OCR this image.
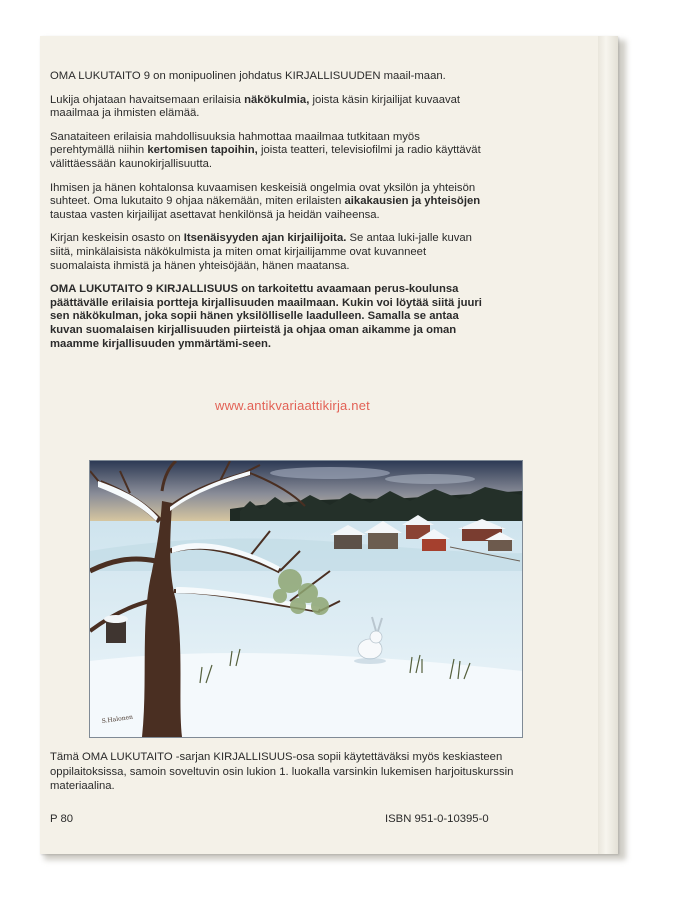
OMA LUKUTAITO 9 on monipuolinen johdatus KIRJALLISUUDEN maail-maan.

Lukija ohjataan havaitsemaan erilaisia näkökulmia, joista käsin kirjailijat kuvaavat maailmaa ja ihmisten elämää.

Sanataiteen erilaisia mahdollisuuksia hahmottaa maailmaa tutkitaan myös perehtymällä niihin kertomisen tapoihin, joista teatteri, televisiofilmi ja radio käyttävät välittäessään kaunokirjallisuutta.

Ihmisen ja hänen kohtalonsa kuvaamisen keskeisiä ongelmia ovat yksilön ja yhteisön suhteet. Oma lukutaito 9 ohjaa näkemään, miten erilaisten aikakausien ja yhteisöjen taustaa vasten kirjailijat asettavat henkilönsä ja heidän vaiheensa.

Kirjan keskeisin osasto on Itsenäisyyden ajan kirjailijoita. Se antaa luki-jalle kuvan siitä, minkälaisista näkökulmista ja miten omat kirjailijamme ovat kuvanneet suomalaista ihmistä ja hänen yhteisöjään, hänen maatansa.

OMA LUKUTAITO 9 KIRJALLISUUS on tarkoitettu avaamaan perus-koulunsa päättävälle erilaisia portteja kirjallisuuden maailmaan. Kukin voi löytää siitä juuri sen näkökulman, joka sopii hänen yksilölliselle laadulleen. Samalla se antaa kuvan suomalaisen kirjallisuuden piirteistä ja ohjaa oman aikamme ja oman maamme kirjallisuuden ymmärtämi-seen.

www.antikvariaattikirja.net
S.Halonen
Tämä OMA LUKUTAITO -sarjan KIRJALLISUUS-osa sopii käytettäväksi myös keskiasteen oppilaitoksissa, samoin soveltuvin osin lukion 1. luokalla varsinkin lukemisen harjoituskurssin materiaalina.
P 80	ISBN 951-0-10395-0
